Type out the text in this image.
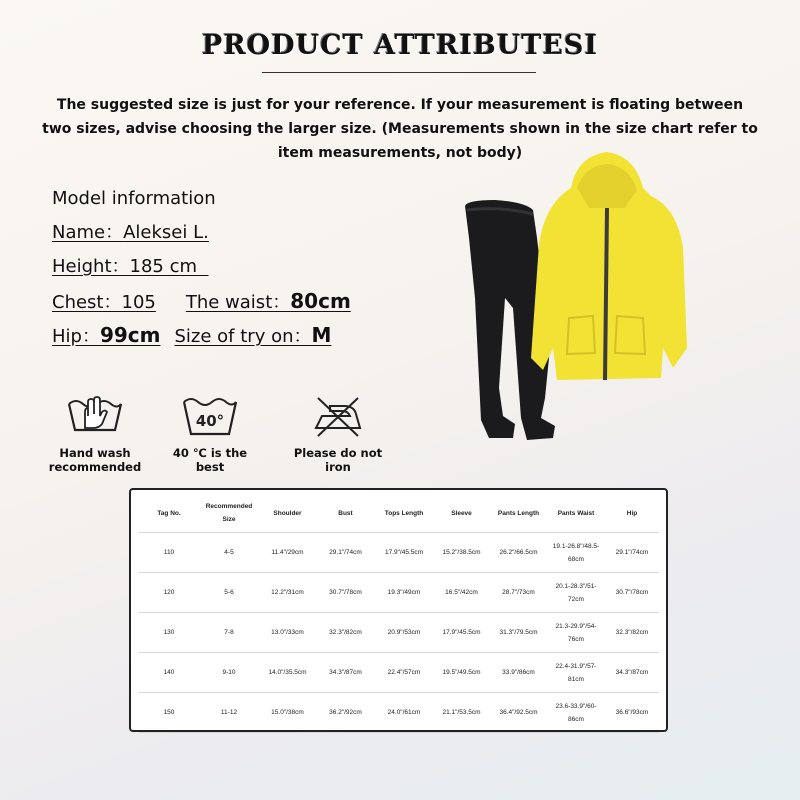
PRODUCT ATTRIBUTESI
The suggested size is just for your reference. If your measurement is floating between two sizes, advise choosing the larger size. (Measurements shown in the size chart refer to item measurements, not body)
Model information
Name：Aleksei L.
Height：185 cm
Chest：105 The waist：80cm
Hip：99cm Size of try on：M
Hand wash recommended
40°
40 ℃ is the best
Please do not iron
Tag No.	Recommended Size	Shoulder	Bust	Tops Length	Sleeve	Pants Length	Pants Waist	Hip
110	4-5	11.4"/29cm	29.1"/74cm	17.9"/45.5cm	15.2"/38.5cm	26.2"/66.5cm	19.1-26.8"/48.5-68cm	29.1"/74cm
120	5-6	12.2"/31cm	30.7"/78cm	19.3"/49cm	16.5"/42cm	28.7"/73cm	20.1-28.3"/51-72cm	30.7"/78cm
130	7-8	13.0"/33cm	32.3"/82cm	20.9"/53cm	17.9"/45.5cm	31.3"/79.5cm	21.3-29.9"/54-76cm	32.3"/82cm
140	9-10	14.0"/35.5cm	34.3"/87cm	22.4"/57cm	19.5"/49.5cm	33.9"/86cm	22.4-31.9"/57-81cm	34.3"/87cm
150	11-12	15.0"/38cm	36.2"/92cm	24.0"/61cm	21.1"/53.5cm	36.4"/92.5cm	23.6-33.9"/60-86cm	36.6"/93cm
